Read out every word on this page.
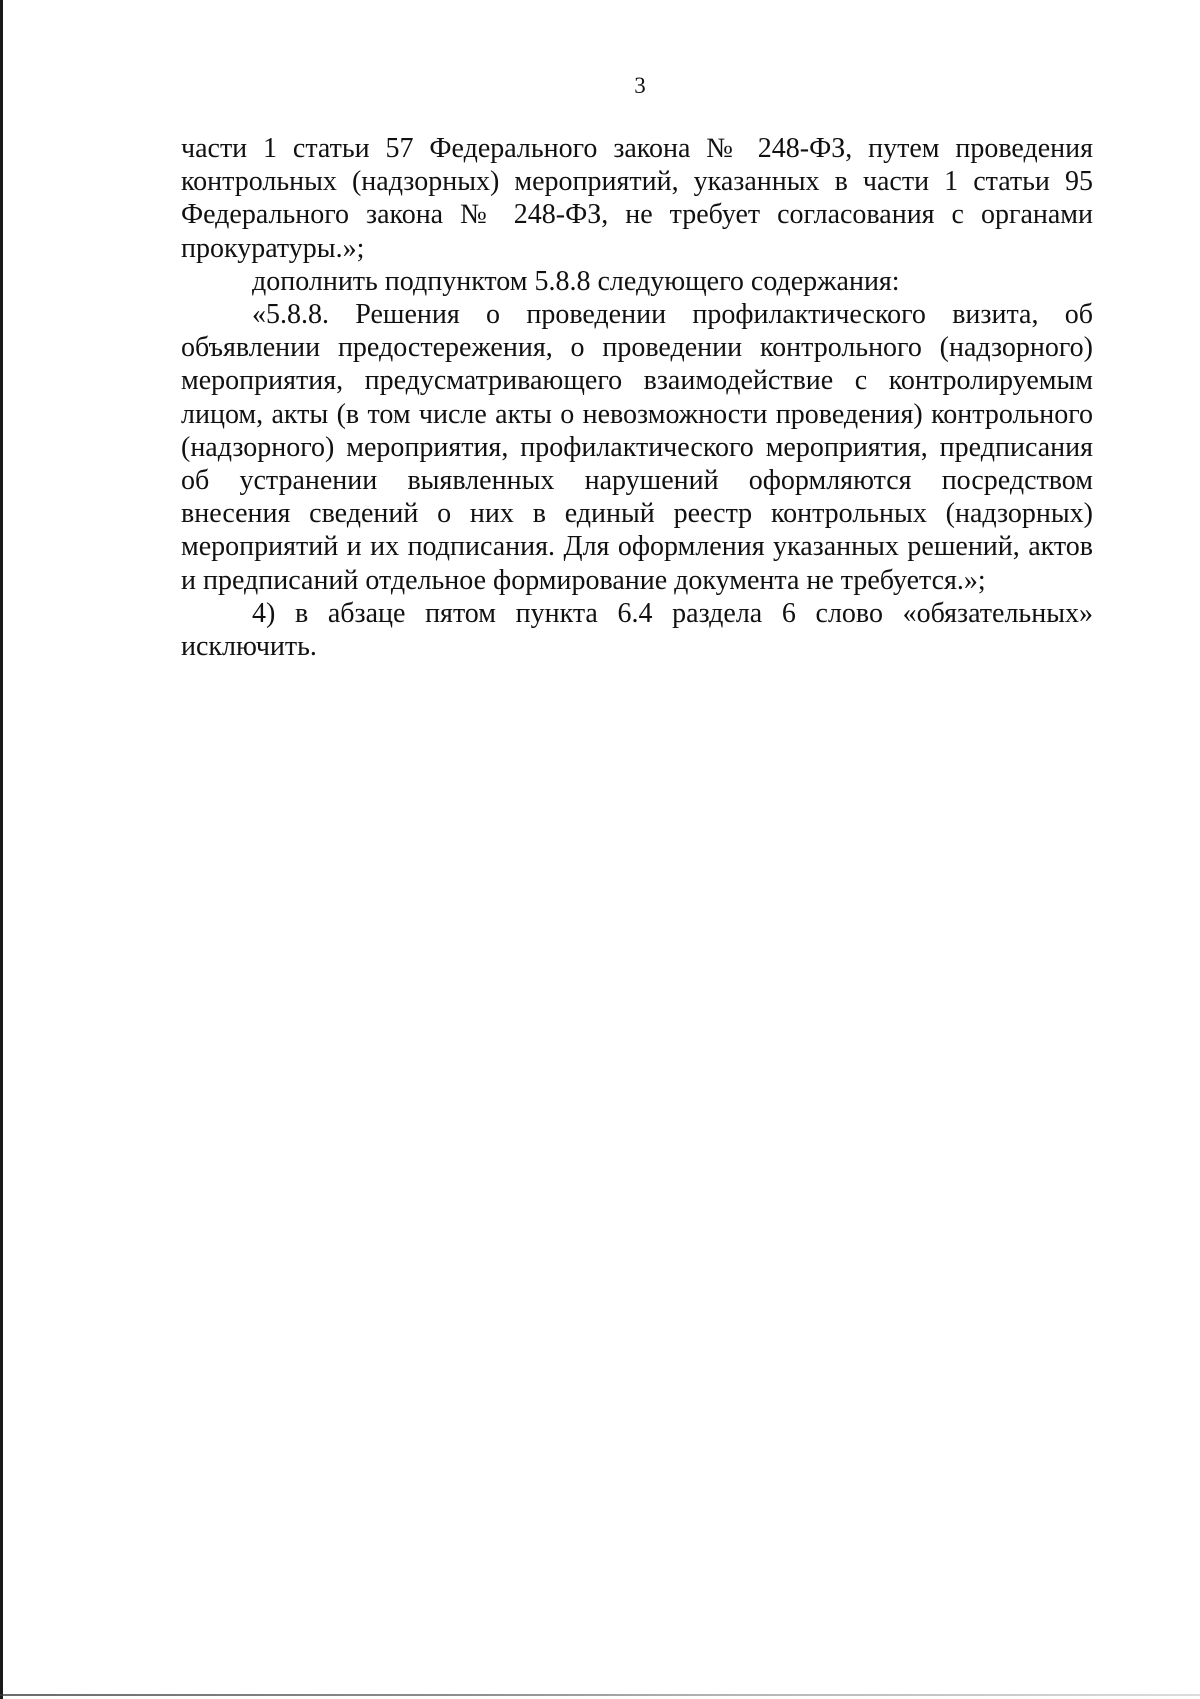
3

части 1 статьи 57 Федерального закона № 248-ФЗ, путем проведения контрольных (надзорных) мероприятий, указанных в части 1 статьи 95 Федерального закона № 248-ФЗ, не требует согласования с органами прокуратуры.»;

дополнить подпунктом 5.8.8 следующего содержания:

«5.8.8. Решения о проведении профилактического визита, об объявлении предостережения, о проведении контрольного (надзорного) мероприятия, предусматривающего взаимодействие с контролируемым лицом, акты (в том числе акты о невозможности проведения) контрольного (надзорного) мероприятия, профилактического мероприятия, предписания об устранении выявленных нарушений оформляются посредством внесения сведений о них в единый реестр контрольных (надзорных) мероприятий и их подписания. Для оформления указанных решений, актов и предписаний отдельное формирование документа не требуется.»;

4) в абзаце пятом пункта 6.4 раздела 6 слово «обязательных» исключить.
